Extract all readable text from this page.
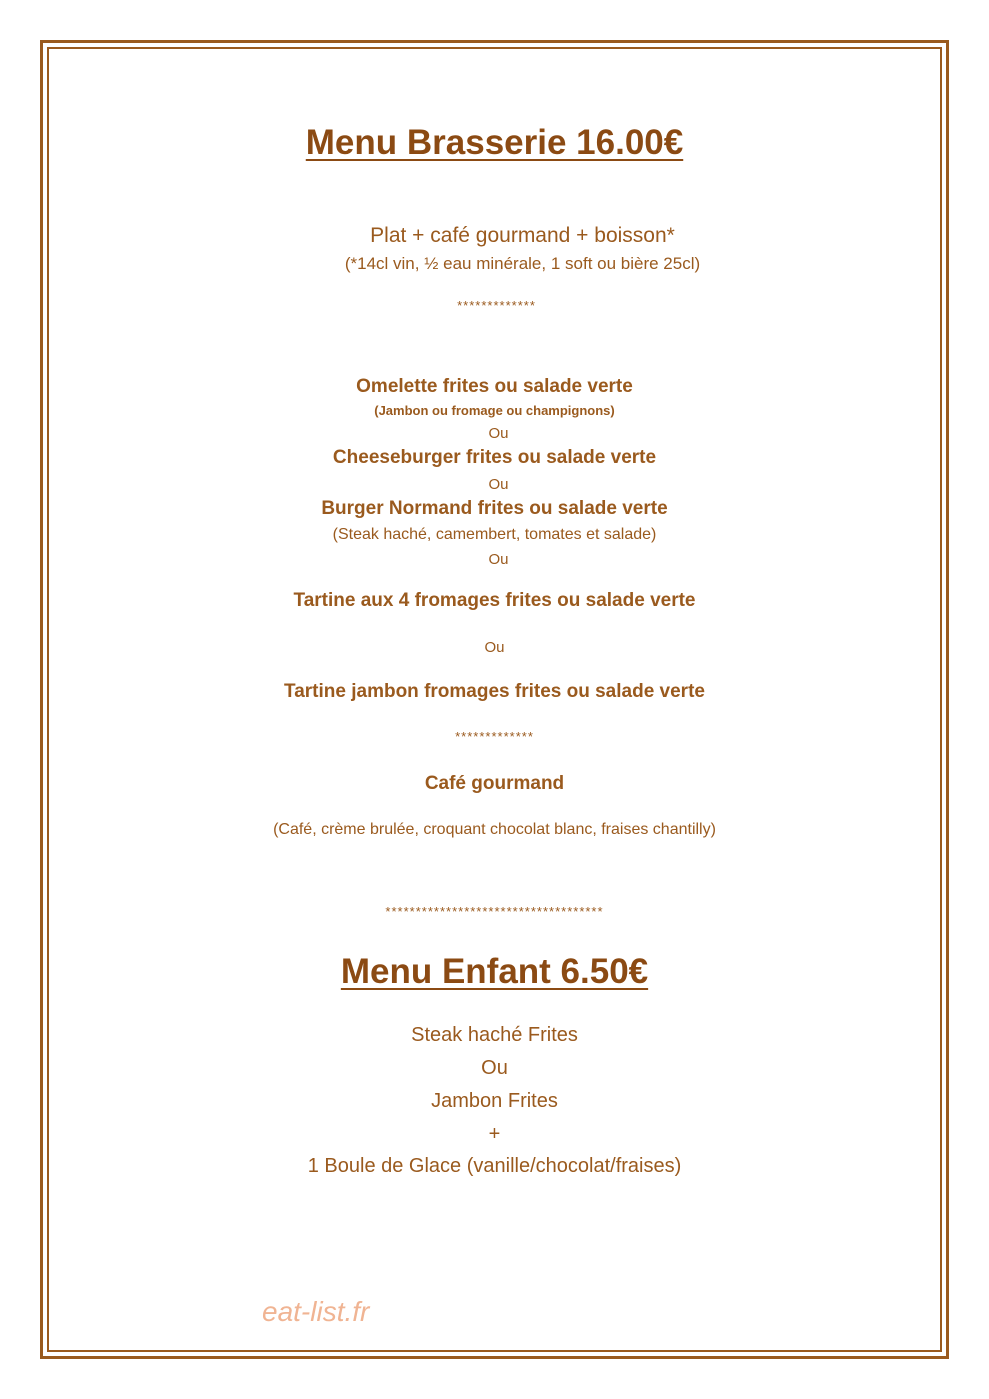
Menu Brasserie 16.00€
Plat + café gourmand + boisson*
(*14cl vin, ½ eau minérale, 1 soft ou bière 25cl)
*************
Omelette frites ou salade verte
(Jambon ou fromage ou champignons)
Ou
Cheeseburger frites ou salade verte
Ou
Burger Normand frites ou salade verte
(Steak haché, camembert, tomates et salade)
Ou
Tartine aux 4 fromages frites ou salade verte
Ou
Tartine jambon fromages frites ou salade verte
*************
Café gourmand
(Café, crème brulée, croquant chocolat blanc, fraises chantilly)
************************************
Menu Enfant 6.50€
Steak haché Frites
Ou
Jambon Frites
+
1 Boule de Glace (vanille/chocolat/fraises)
eat-list.fr
